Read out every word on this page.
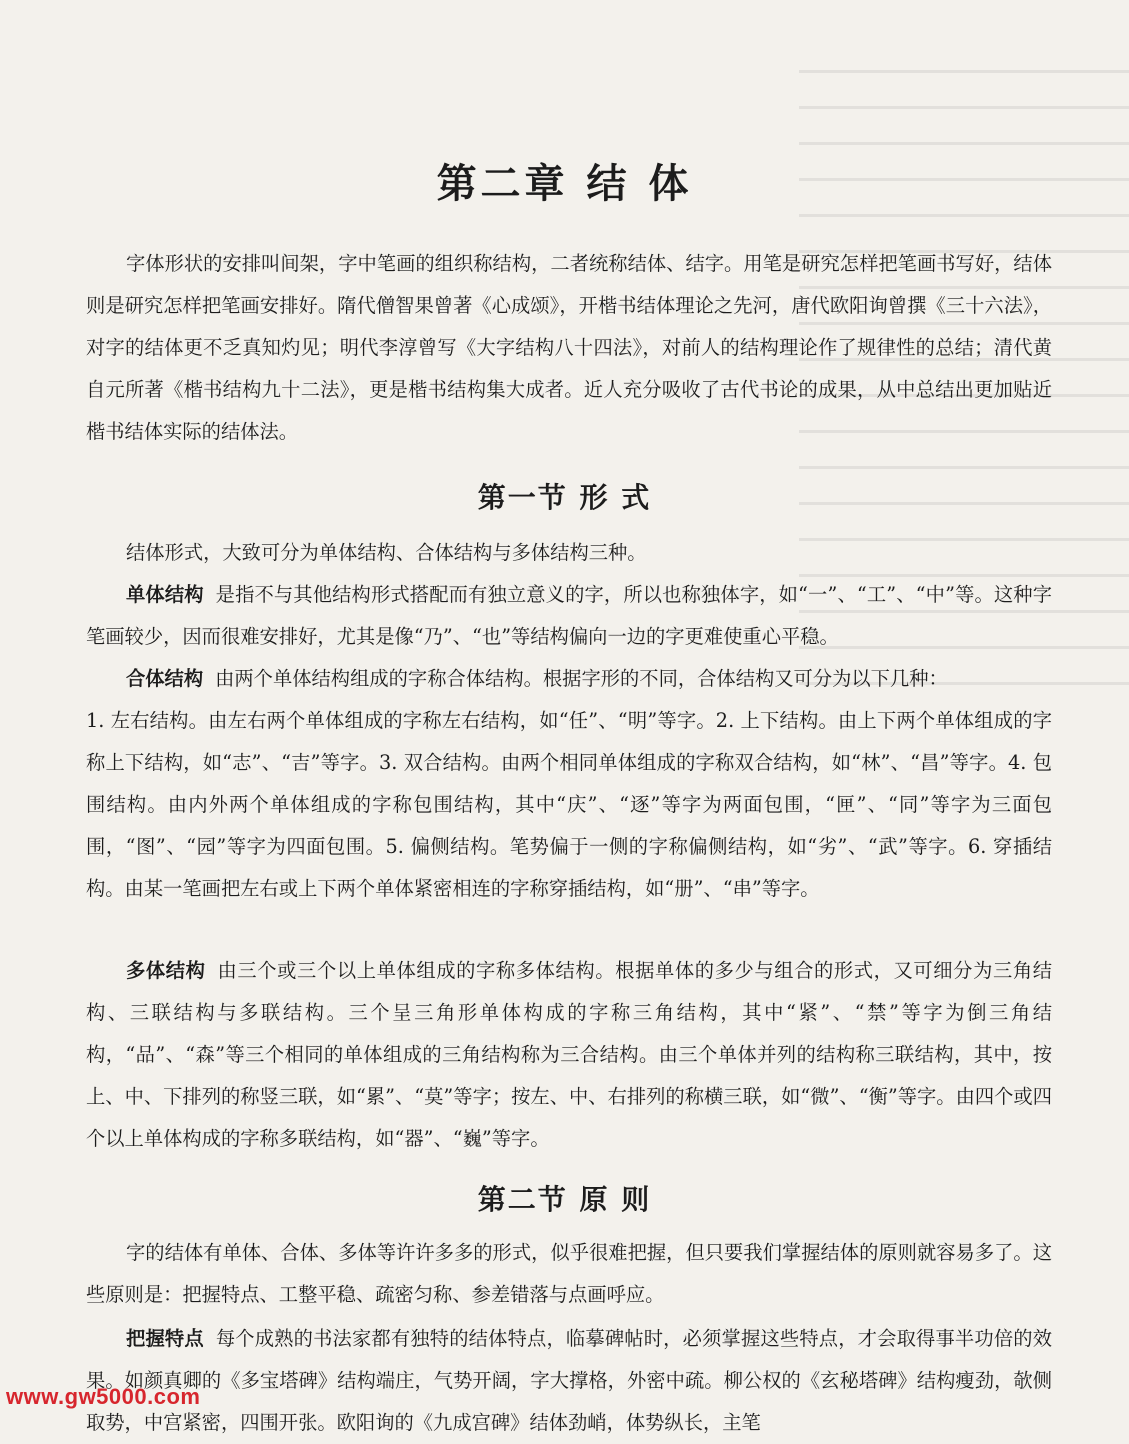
第二章 结 体

字体形状的安排叫间架，字中笔画的组织称结构，二者统称结体、结字。用笔是研究怎样把笔画书写好，结体则是研究怎样把笔画安排好。隋代僧智果曾著《心成颂》，开楷书结体理论之先河，唐代欧阳询曾撰《三十六法》，对字的结体更不乏真知灼见；明代李淳曾写《大字结构八十四法》，对前人的结构理论作了规律性的总结；清代黄自元所著《楷书结构九十二法》，更是楷书结构集大成者。近人充分吸收了古代书论的成果，从中总结出更加贴近楷书结体实际的结体法。

第一节 形 式

结体形式，大致可分为单体结构、合体结构与多体结构三种。

单体结构 是指不与其他结构形式搭配而有独立意义的字，所以也称独体字，如“一”、“工”、“中”等。这种字笔画较少，因而很难安排好，尤其是像“乃”、“也”等结构偏向一边的字更难使重心平稳。

合体结构 由两个单体结构组成的字称合体结构。根据字形的不同，合体结构又可分为以下几种：

1. 左右结构。由左右两个单体组成的字称左右结构，如“任”、“明”等字。2. 上下结构。由上下两个单体组成的字称上下结构，如“志”、“吉”等字。3. 双合结构。由两个相同单体组成的字称双合结构，如“林”、“昌”等字。4. 包围结构。由内外两个单体组成的字称包围结构，其中“庆”、“逐”等字为两面包围，“匣”、“同”等字为三面包围，“图”、“园”等字为四面包围。5. 偏侧结构。笔势偏于一侧的字称偏侧结构，如“劣”、“武”等字。6. 穿插结构。由某一笔画把左右或上下两个单体紧密相连的字称穿插结构，如“册”、“串”等字。

多体结构 由三个或三个以上单体组成的字称多体结构。根据单体的多少与组合的形式，又可细分为三角结构、三联结构与多联结构。三个呈三角形单体构成的字称三角结构，其中“紧”、“禁”等字为倒三角结构，“品”、“森”等三个相同的单体组成的三角结构称为三合结构。由三个单体并列的结构称三联结构，其中，按上、中、下排列的称竖三联，如“累”、“莫”等字；按左、中、右排列的称横三联，如“微”、“衡”等字。由四个或四个以上单体构成的字称多联结构，如“器”、“巍”等字。

第二节 原 则

字的结体有单体、合体、多体等许许多多的形式，似乎很难把握，但只要我们掌握结体的原则就容易多了。这些原则是：把握特点、工整平稳、疏密匀称、参差错落与点画呼应。

把握特点 每个成熟的书法家都有独特的结体特点，临摹碑帖时，必须掌握这些特点，才会取得事半功倍的效果。如颜真卿的《多宝塔碑》结构端庄，气势开阔，字大撑格，外密中疏。柳公权的《玄秘塔碑》结构瘦劲，欹侧取势，中宫紧密，四围开张。欧阳询的《九成宫碑》结体劲峭，体势纵长，主笔

www.gw5000.com
